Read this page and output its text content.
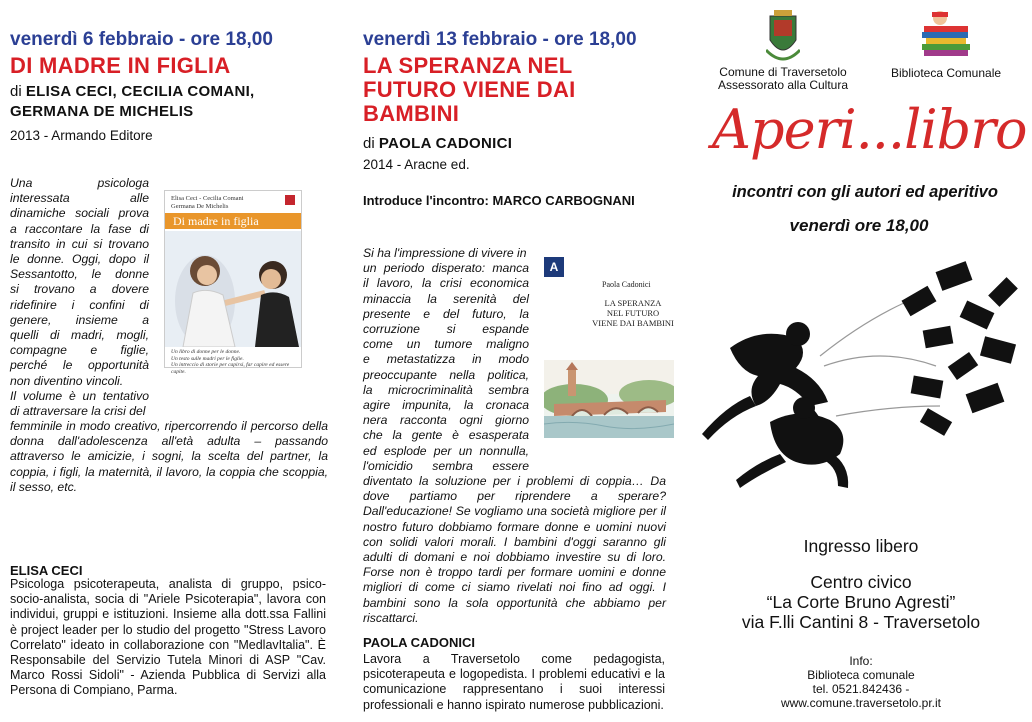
venerdì 6 febbraio - ore 18,00
DI MADRE IN FIGLIA
di ELISA CECI, CECILIA COMANI,
GERMANA DE MICHELIS
2013 - Armando Editore
Una psicologa
interessata alle
dinamiche sociali prova
a raccontare la fase di
transito in cui si trovano
le donne. Oggi, dopo il
Sessantotto, le donne
si trovano a dovere
ridefinire i confini di
genere, insieme a
quelli di madri, mogli,
compagne e figlie,
perché le opportunità
non diventino vincoli.
Il volume è un tentativo
di attraversare la crisi del
femminile in modo creativo, ripercorrendo il percorso della donna dall'adolescenza all'età adulta – passando attraverso le amicizie, i sogni, la scelta del partner, la coppia, i figli, la maternità, il lavoro, la coppia che scoppia, il sesso, etc.
Elisa Ceci - Cecilia Comani
Germana De Michelis
Di madre in figlia
Un libro di donne per le donne.
Un testo sulle madri per le figlie.
Un intreccio di storie per capirsi, far capire ed essere capite.
ELISA CECI
Psicologa psicoterapeuta, analista di gruppo, psico-socio-analista, socia di "Ariele Psicoterapia", lavora con individui, gruppi e istituzioni. Insieme alla dott.ssa Fallini è project leader per lo studio del progetto "Stress Lavoro Correlato" ideato in collaborazione con "MedlavItalia". È Responsabile del Servizio Tutela Minori di ASP "Cav. Marco Rossi Sidoli" - Azienda Pubblica di Servizi alla Persona di Compiano, Parma.
venerdì 13 febbraio - ore 18,00
LA SPERANZA NEL
FUTURO VIENE DAI
BAMBINI
di PAOLA CADONICI
2014 - Aracne ed.
Introduce l'incontro: MARCO CARBOGNANI
Si ha l'impressione di vivere in
un periodo disperato: manca
il lavoro, la crisi economica
minaccia la serenità del
presente e del futuro, la
corruzione si espande
come un tumore maligno
e metastatizza in modo
preoccupante nella politica,
la microcriminalità sembra
agire impunita, la cronaca
nera racconta ogni giorno
che la gente è esasperata
ed esplode per un nonnulla,
l'omicidio sembra essere
diventato la soluzione per i problemi di coppia… Da dove partiamo per riprendere a sperare? Dall'educazione! Se vogliamo una società migliore per il nostro futuro dobbiamo formare donne e uomini nuovi con solidi valori morali. I bambini d'oggi saranno gli adulti di domani e noi dobbiamo investire su di loro. Forse non è troppo tardi per formare uomini e donne migliori di come ci siamo rivelati noi fino ad oggi. I bambini sono la sola opportunità che abbiamo per riscattarci.
A
Paola Cadonici
LA SPERANZA
NEL FUTURO
VIENE DAI BAMBINI
PAOLA CADONICI
Lavora a Traversetolo come pedagogista, psicoterapeuta e logopedista. I problemi educativi e la comunicazione rappresentano i suoi interessi professionali e hanno ispirato numerose pubblicazioni.
Comune di Traversetolo
Assessorato alla Cultura
Biblioteca Comunale
Aperi...libro
incontri con gli autori ed aperitivo
venerdì ore 18,00
Ingresso libero
Centro civico
“La Corte Bruno Agresti”
via F.lli Cantini 8 - Traversetolo
Info:
Biblioteca comunale
tel. 0521.842436 -
www.comune.traversetolo.pr.it
